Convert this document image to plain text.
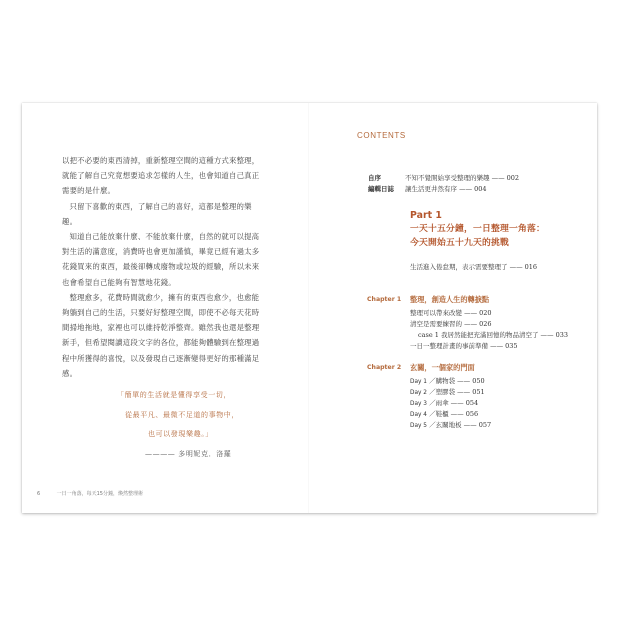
以把不必要的東西清掉，重新整理空間的這種方式來整理，就能了解自己究竟想要追求怎樣的人生，也會知道自己真正需要的是什麼。

只留下喜歡的東西，了解自己的喜好，這都是整理的樂趣。

知道自己能放棄什麼、不能放棄什麼，自然的就可以提高對生活的滿意度，消費時也會更加謹慎，畢竟已經有過太多花錢買來的東西，最後卻轉成廢物或垃圾的經驗，所以未來也會希望自己能夠有智慧地花錢。

整理愈多，花費時間就愈少，擁有的東西也愈少，也愈能夠躺到自己的生活，只要好好整理空間，即使不必每天花時間掃地拖地，家裡也可以維持乾淨整齊。雖然我也還是整理新手，但希望閱讀這段文字的各位，都能夠體驗到在整理過程中所獲得的喜悅，以及發現自己逐漸變得更好的那種滿足感。

「簡單的生活就是懂得享受一切，
從最平凡、最微不足道的事物中，
也可以發現樂趣。」
———— 多明妮克．洛羅
6	一日一角落，每天15分鐘，煥然整理術
CONTENTS
自序	不知不覺開始享受整理的樂趣 —— 002
編輯日誌 讓生活更井然有序 —— 004
Part 1
一天十五分鐘，一日整理一角落：
今天開始五十九天的挑戰
生活進入倦怠期，表示需要整理了 —— 016
Chapter 1 整理，創造人生的轉捩點
整理可以帶來改變 —— 020
清空是需要練習的 —— 026
case 1 我居然能把充滿回憶的物品清空了 —— 033
一日一整理計畫的事前準備 —— 035
Chapter 2 玄關，一個家的門面
Day 1 ／購物袋 —— 050
Day 2 ／塑膠袋 —— 051
Day 3 ／雨傘 —— 054
Day 4 ／鞋櫃 —— 056
Day 5 ／玄關地板 —— 057
